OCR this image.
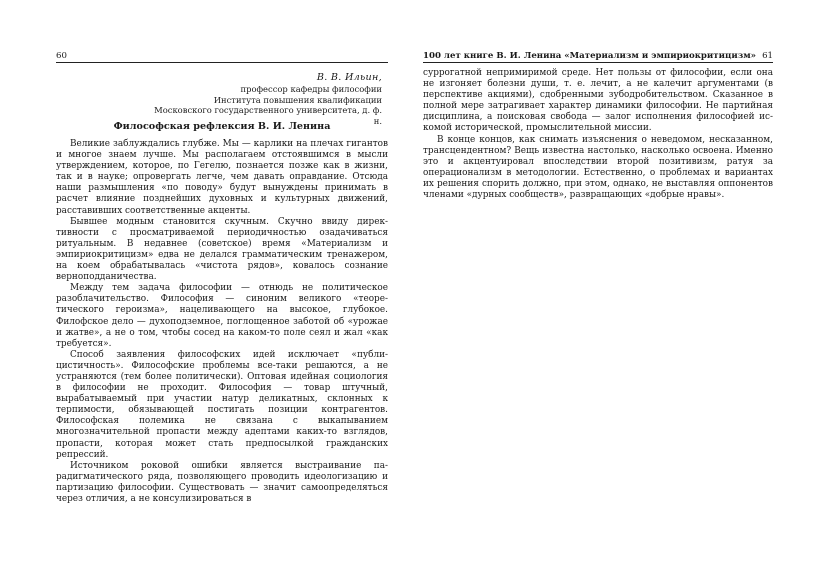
60
В. В. Ильин,
профессор кафедры философии
Института повышения квалификации
Московского государственного университета, д. ф. н.
Философская рефлексия В. И. Ленина

Великие заблуждались глубже. Мы — карлики на плечах гигантов и многое знаем лучше. Мы располагаем отстоявшимся в мысли утверждением, которое, по Гегелю, познается позже как в жизни, так и в науке; опровергать легче, чем давать оправдание. Отсюда наши размышления «по поводу» будут вынуждены принимать в расчет влияние позднейших духовных и культурных движений, расставивших соответственные акценты.

Бывшее модным становится скучным. Скучно ввиду директивности с просматриваемой периодичностью озадачиваться ритуальным. В недавнее (советское) время «Материализм и эмпириокритицизм» едва не делался грамматическим тренажером, на коем обрабатывалась «чистота рядов», ковалось сознание верноподданичества.

Между тем задача философии — отнюдь не политическое разоблачительство. Философия — синоним великого «теоретического героизма», нацеливающего на высокое, глубокое. Филофское дело — духоподземное, поглощенное заботой об «урожае и жатве», а не о том, чтобы сосед на каком-то поле сеял и жал «как требуется».

Способ заявления философских идей исключает «публицистичность». Философские проблемы все-таки решаются, а не устраняются (тем более политически). Оптовая идейная социология в философии не проходит. Философия — товар штучный, вырабатываемый при участии натур деликатных, склонных к терпимости, обязывающей постигать позиции контрагентов. Философская полемика не связана с выкапыванием многозначительной пропасти между адептами каких-то взглядов, пропасти, которая может стать предпосылкой гражданских репрессий.

Источником роковой ошибки является выстраивание парадигматического ряда, позволяющего проводить идеологизацию и партизацию философии. Существовать — значит самоопределяться через отличия, а не консулизироваться в

100 лет книге В. И. Ленина «Материализм и эмпириокритицизм» 61

суррогатной непримиримой среде. Нет пользы от философии, если она не изгоняет болезни души, т. е. лечит, а не калечит аргументами (в перспективе акциями), сдобренными зубодробительством. Сказанное в полной мере затрагивает характер динамики философии. Не партийная дисциплина, а поисковая свобода — залог исполнения философией искомой исторической, промыслительной миссии.

В конце концов, как снимать изъяснения о неведомом, несказанном, трансцендентном? Вещь известна настолько, насколько освоена. Именно это и акцентуировал впоследствии второй позитивизм, ратуя за операционализм в методологии. Естественно, о проблемах и вариантах их решения спорить должно, при этом, однако, не выставляя оппонентов членами «дурных сообществ», развращающих «добрые нравы».
